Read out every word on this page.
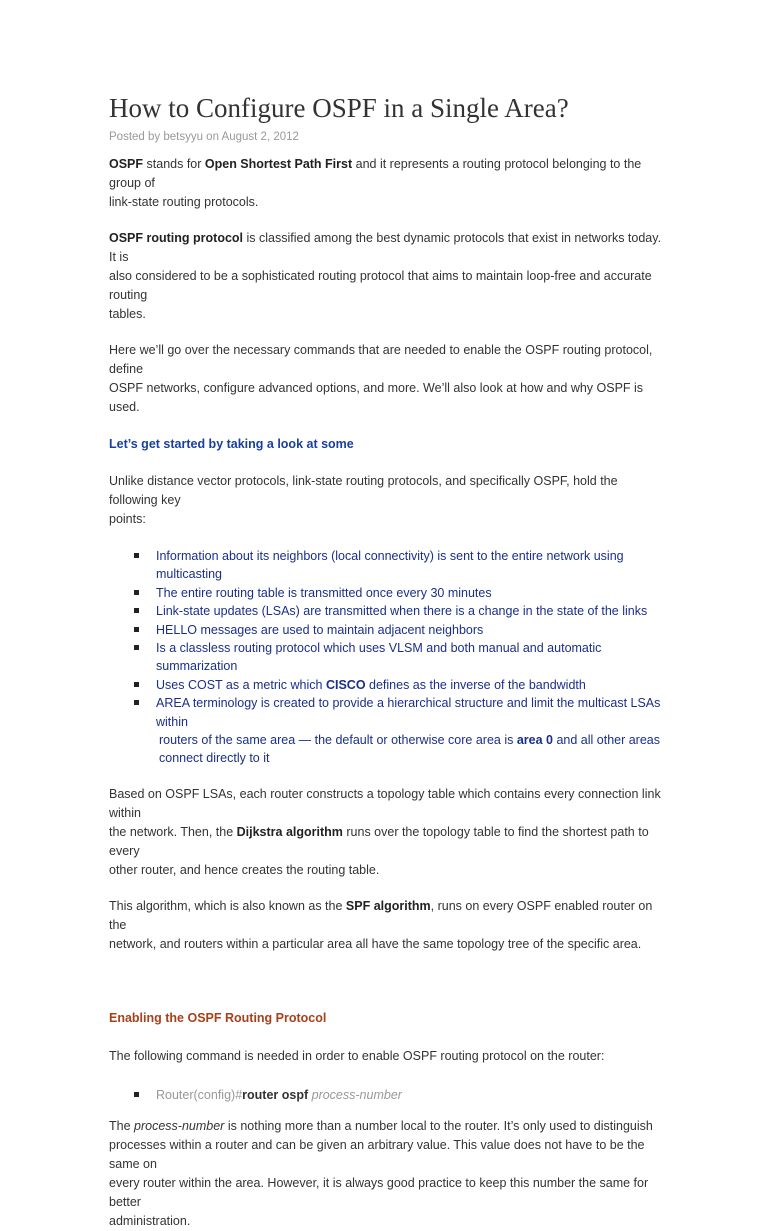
How to Configure OSPF in a Single Area?
Posted by betsyyu on August 2, 2012

OSPF stands for Open Shortest Path First and it represents a routing protocol belonging to the group of
link-state routing protocols.

OSPF routing protocol is classified among the best dynamic protocols that exist in networks today. It is
also considered to be a sophisticated routing protocol that aims to maintain loop-free and accurate routing
tables.

Here we’ll go over the necessary commands that are needed to enable the OSPF routing protocol, define
OSPF networks, configure advanced options, and more. We’ll also look at how and why OSPF is used.

Let’s get started by taking a look at some

Unlike distance vector protocols, link-state routing protocols, and specifically OSPF, hold the following key
points:

Information about its neighbors (local connectivity) is sent to the entire network using multicasting
The entire routing table is transmitted once every 30 minutes
Link-state updates (LSAs) are transmitted when there is a change in the state of the links
HELLO messages are used to maintain adjacent neighbors
Is a classless routing protocol which uses VLSM and both manual and automatic summarization
Uses COST as a metric which CISCO defines as the inverse of the bandwidth
AREA terminology is created to provide a hierarchical structure and limit the multicast LSAs within
routers of the same area — the default or otherwise core area is area 0 and all other areas
connect directly to it

Based on OSPF LSAs, each router constructs a topology table which contains every connection link within
the network. Then, the Dijkstra algorithm runs over the topology table to find the shortest path to every
other router, and hence creates the routing table.

This algorithm, which is also known as the SPF algorithm, runs on every OSPF enabled router on the
network, and routers within a particular area all have the same topology tree of the specific area.

Enabling the OSPF Routing Protocol

The following command is needed in order to enable OSPF routing protocol on the router:

Router(config)#router ospf process-number

The process-number is nothing more than a number local to the router. It’s only used to distinguish
processes within a router and can be given an arbitrary value. This value does not have to be the same on
every router within the area. However, it is always good practice to keep this number the same for better
administration.
